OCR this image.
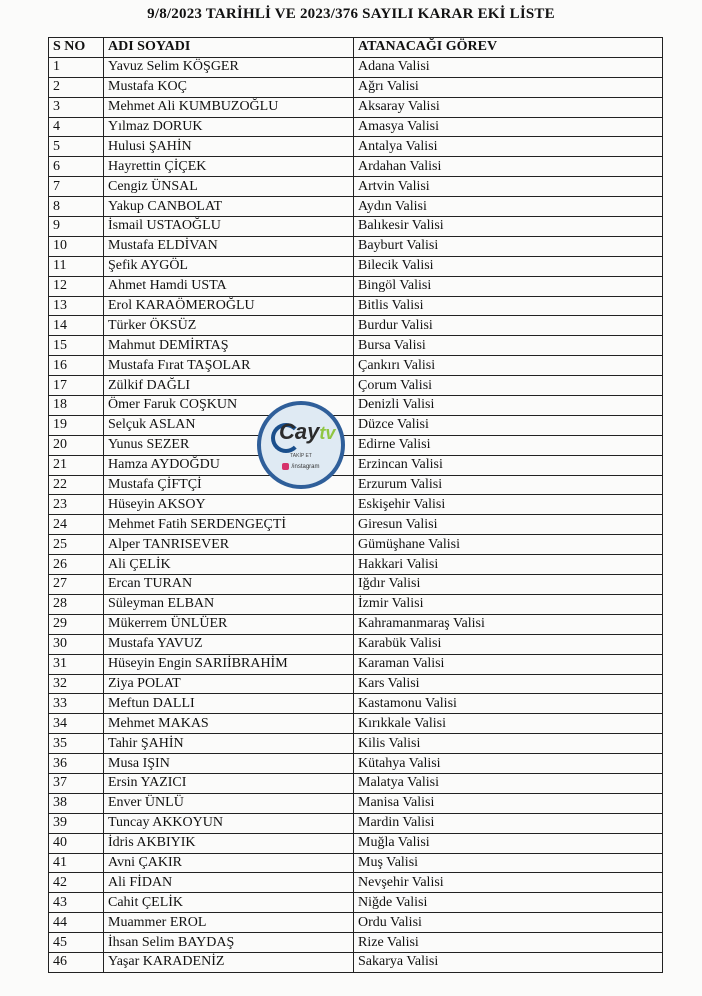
9/8/2023 TARİHLİ VE 2023/376 SAYILI KARAR EKİ LİSTE
S NO	ADI SOYADI	ATANACAĞI GÖREV
1	Yavuz Selim KÖŞGER	Adana Valisi
2	Mustafa KOÇ	Ağrı Valisi
3	Mehmet Ali KUMBUZOĞLU	Aksaray Valisi
4	Yılmaz DORUK	Amasya Valisi
5	Hulusi ŞAHİN	Antalya Valisi
6	Hayrettin ÇİÇEK	Ardahan Valisi
7	Cengiz ÜNSAL	Artvin Valisi
8	Yakup CANBOLAT	Aydın Valisi
9	İsmail USTAOĞLU	Balıkesir Valisi
10	Mustafa ELDİVAN	Bayburt Valisi
11	Şefik AYGÖL	Bilecik Valisi
12	Ahmet Hamdi USTA	Bingöl Valisi
13	Erol KARAÖMEROĞLU	Bitlis Valisi
14	Türker ÖKSÜZ	Burdur Valisi
15	Mahmut DEMİRTAŞ	Bursa Valisi
16	Mustafa Fırat TAŞOLAR	Çankırı Valisi
17	Zülkif DAĞLI	Çorum Valisi
18	Ömer Faruk COŞKUN	Denizli Valisi
19	Selçuk ASLAN	Düzce Valisi
20	Yunus SEZER	Edirne Valisi
21	Hamza AYDOĞDU	Erzincan Valisi
22	Mustafa ÇİFTÇİ	Erzurum Valisi
23	Hüseyin AKSOY	Eskişehir Valisi
24	Mehmet Fatih SERDENGEÇTİ	Giresun Valisi
25	Alper TANRISEVER	Gümüşhane Valisi
26	Ali ÇELİK	Hakkari Valisi
27	Ercan TURAN	Iğdır Valisi
28	Süleyman ELBAN	İzmir Valisi
29	Mükerrem ÜNLÜER	Kahramanmaraş Valisi
30	Mustafa YAVUZ	Karabük Valisi
31	Hüseyin Engin SARIİBRAHİM	Karaman Valisi
32	Ziya POLAT	Kars Valisi
33	Meftun DALLI	Kastamonu Valisi
34	Mehmet MAKAS	Kırıkkale Valisi
35	Tahir ŞAHİN	Kilis Valisi
36	Musa IŞIN	Kütahya Valisi
37	Ersin YAZICI	Malatya Valisi
38	Enver ÜNLÜ	Manisa Valisi
39	Tuncay AKKOYUN	Mardin Valisi
40	İdris AKBIYIK	Muğla Valisi
41	Avni ÇAKIR	Muş Valisi
42	Ali FİDAN	Nevşehir Valisi
43	Cahit ÇELİK	Niğde Valisi
44	Muammer EROL	Ordu Valisi
45	İhsan Selim BAYDAŞ	Rize Valisi
46	Yaşar KARADENİZ	Sakarya Valisi
Caytv
TAKİP ET
/instagram
